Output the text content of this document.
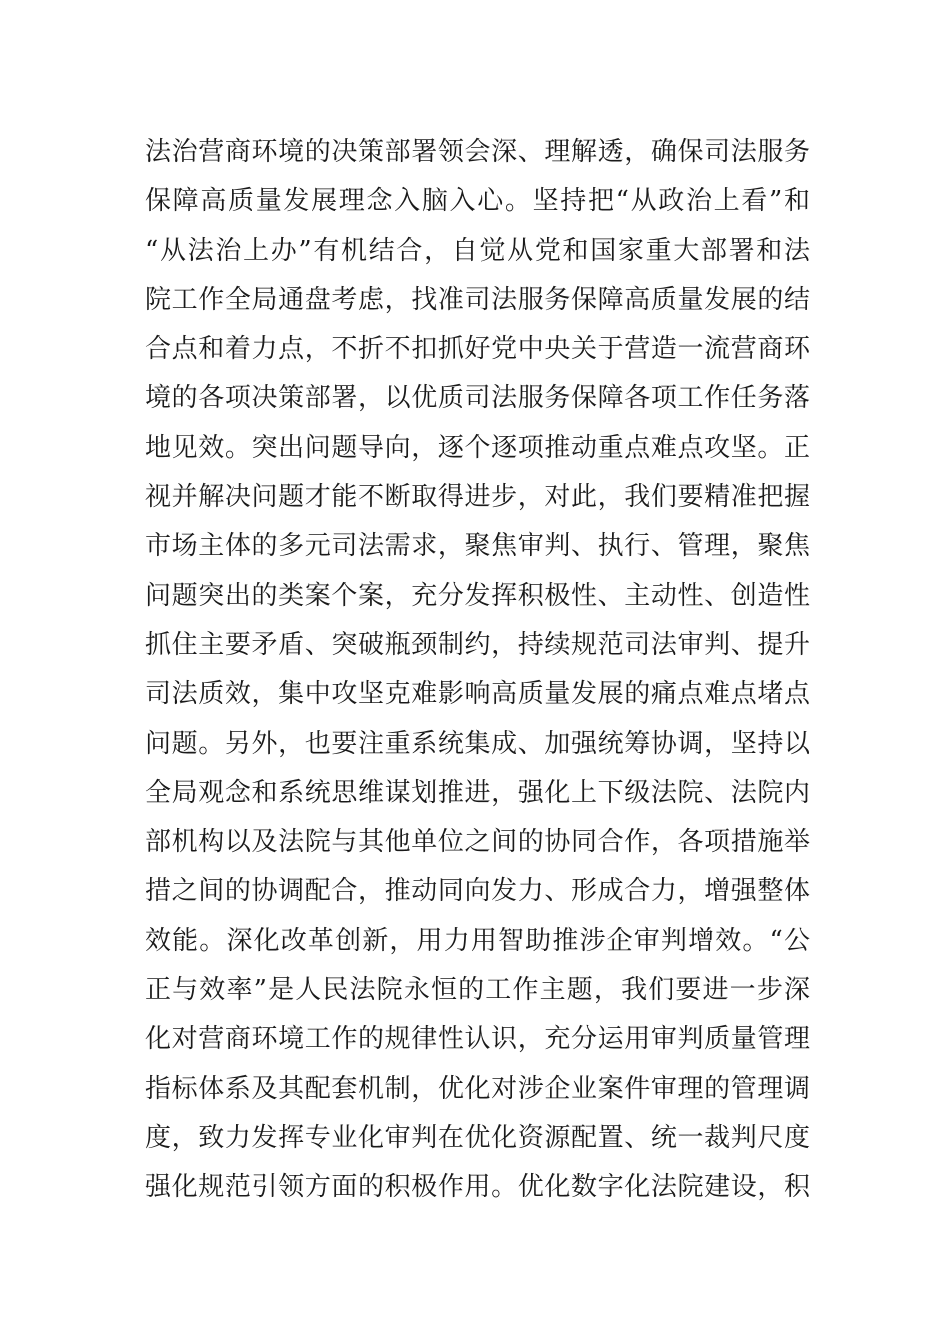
法治营商环境的决策部署领会深、理解透，确保司法服务
保障高质量发展理念入脑入心。坚持把“从政治上看”和
“从法治上办”有机结合，自觉从党和国家重大部署和法
院工作全局通盘考虑，找准司法服务保障高质量发展的结
合点和着力点，不折不扣抓好党中央关于营造一流营商环
境的各项决策部署，以优质司法服务保障各项工作任务落
地见效。突出问题导向，逐个逐项推动重点难点攻坚。正
视并解决问题才能不断取得进步，对此，我们要精准把握
市场主体的多元司法需求，聚焦审判、执行、管理，聚焦
问题突出的类案个案，充分发挥积极性、主动性、创造性
抓住主要矛盾、突破瓶颈制约，持续规范司法审判、提升
司法质效，集中攻坚克难影响高质量发展的痛点难点堵点
问题。另外，也要注重系统集成、加强统筹协调，坚持以
全局观念和系统思维谋划推进，强化上下级法院、法院内
部机构以及法院与其他单位之间的协同合作，各项措施举
措之间的协调配合，推动同向发力、形成合力，增强整体
效能。深化改革创新，用力用智助推涉企审判增效。“公
正与效率”是人民法院永恒的工作主题，我们要进一步深
化对营商环境工作的规律性认识，充分运用审判质量管理
指标体系及其配套机制，优化对涉企业案件审理的管理调
度，致力发挥专业化审判在优化资源配置、统一裁判尺度
强化规范引领方面的积极作用。优化数字化法院建设，积
